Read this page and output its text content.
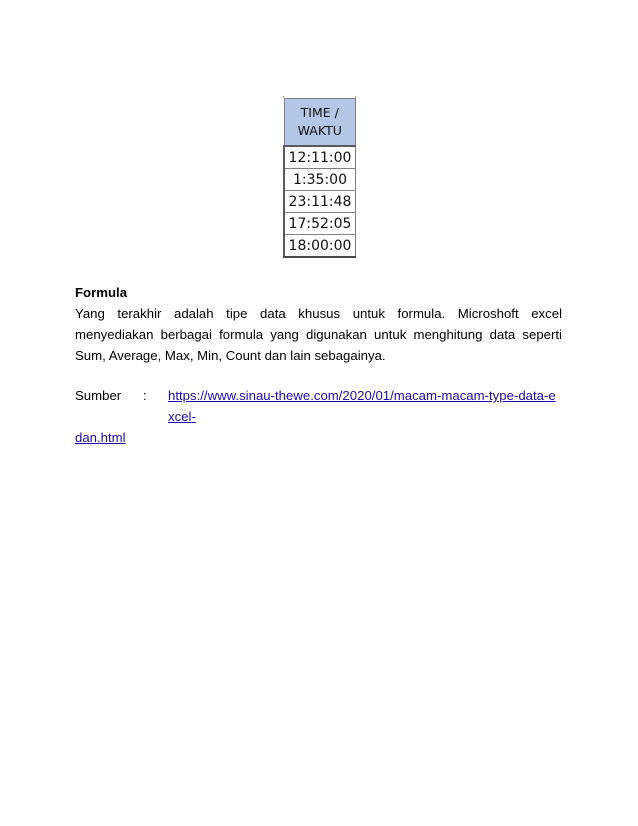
TIME /
WAKTU
12:11:00
1:35:00
23:11:48
17:52:05
18:00:00

Formula

Yang terakhir adalah tipe data khusus untuk formula. Microshoft excel menyediakan berbagai formula yang digunakan untuk menghitung data seperti Sum, Average, Max, Min, Count dan lain sebagainya.

Sumber	:	https://www.sinau-thewe.com/2020/01/macam-macam-type-data-excel-

dan.html
